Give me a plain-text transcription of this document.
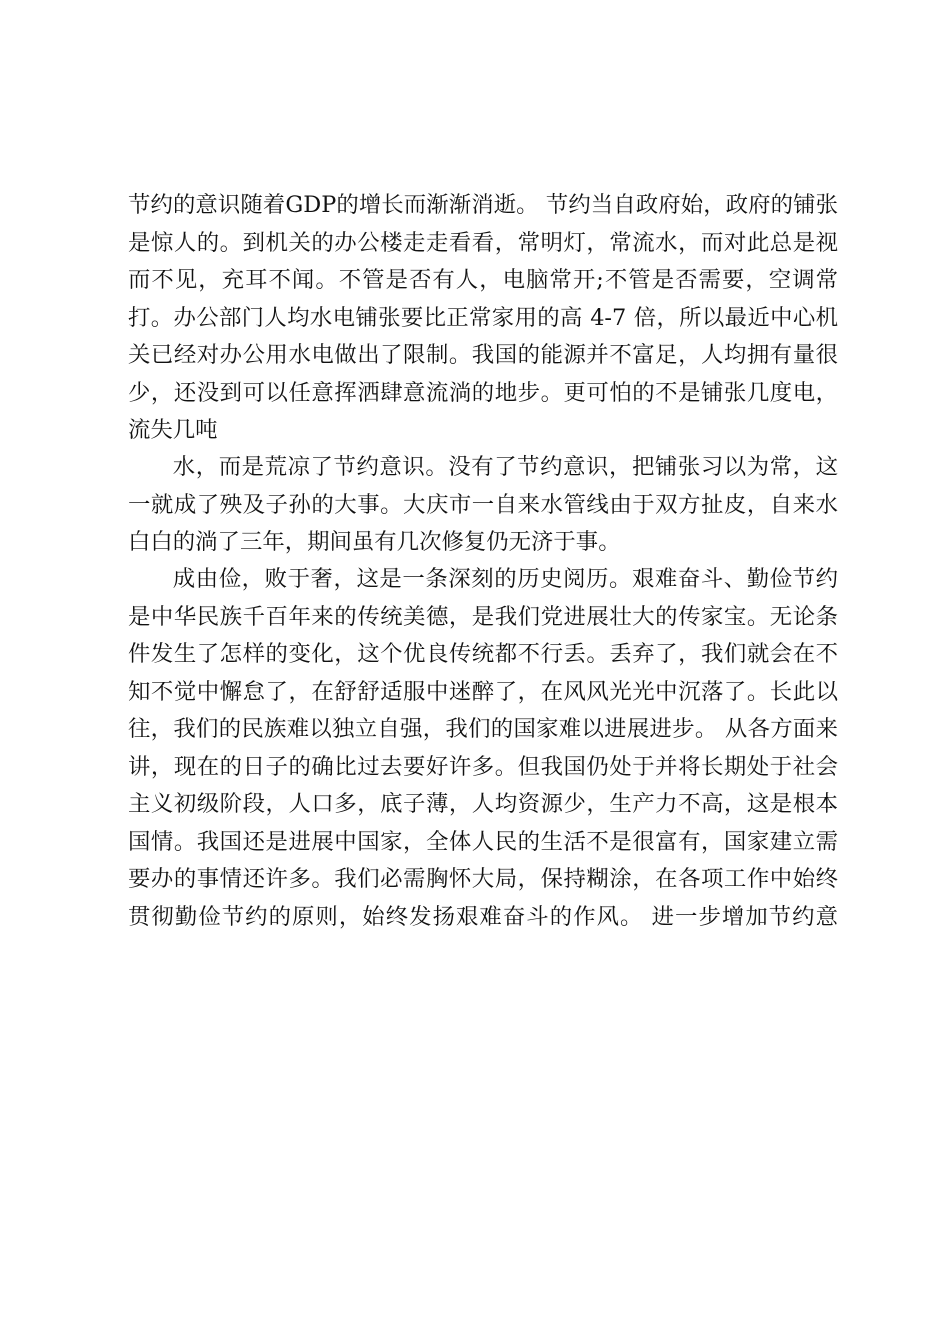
节约的意识随着GDP的增长而渐渐消逝。 节约当自政府始，政府的铺张
是惊人的。到机关的办公楼走走看看，常明灯，常流水，而对此总是视
而不见，充耳不闻。不管是否有人，电脑常开;不管是否需要，空调常
打。办公部门人均水电铺张要比正常家用的高 4-7 倍，所以最近中心机
关已经对办公用水电做出了限制。我国的能源并不富足，人均拥有量很
少，还没到可以任意挥洒肆意流淌的地步。更可怕的不是铺张几度电，
流失几吨
水，而是荒凉了节约意识。没有了节约意识，把铺张习以为常，这
一就成了殃及子孙的大事。大庆市一自来水管线由于双方扯皮，自来水
白白的淌了三年，期间虽有几次修复仍无济于事。
成由俭，败于奢，这是一条深刻的历史阅历。艰难奋斗、勤俭节约
是中华民族千百年来的传统美德，是我们党进展壮大的传家宝。无论条
件发生了怎样的变化，这个优良传统都不行丢。丢弃了，我们就会在不
知不觉中懈怠了，在舒舒适服中迷醉了，在风风光光中沉落了。长此以
往，我们的民族难以独立自强，我们的国家难以进展进步。 从各方面来
讲，现在的日子的确比过去要好许多。但我国仍处于并将长期处于社会
主义初级阶段，人口多，底子薄，人均资源少，生产力不高，这是根本
国情。我国还是进展中国家，全体人民的生活不是很富有，国家建立需
要办的事情还许多。我们必需胸怀大局，保持糊涂，在各项工作中始终
贯彻勤俭节约的原则，始终发扬艰难奋斗的作风。 进一步增加节约意
